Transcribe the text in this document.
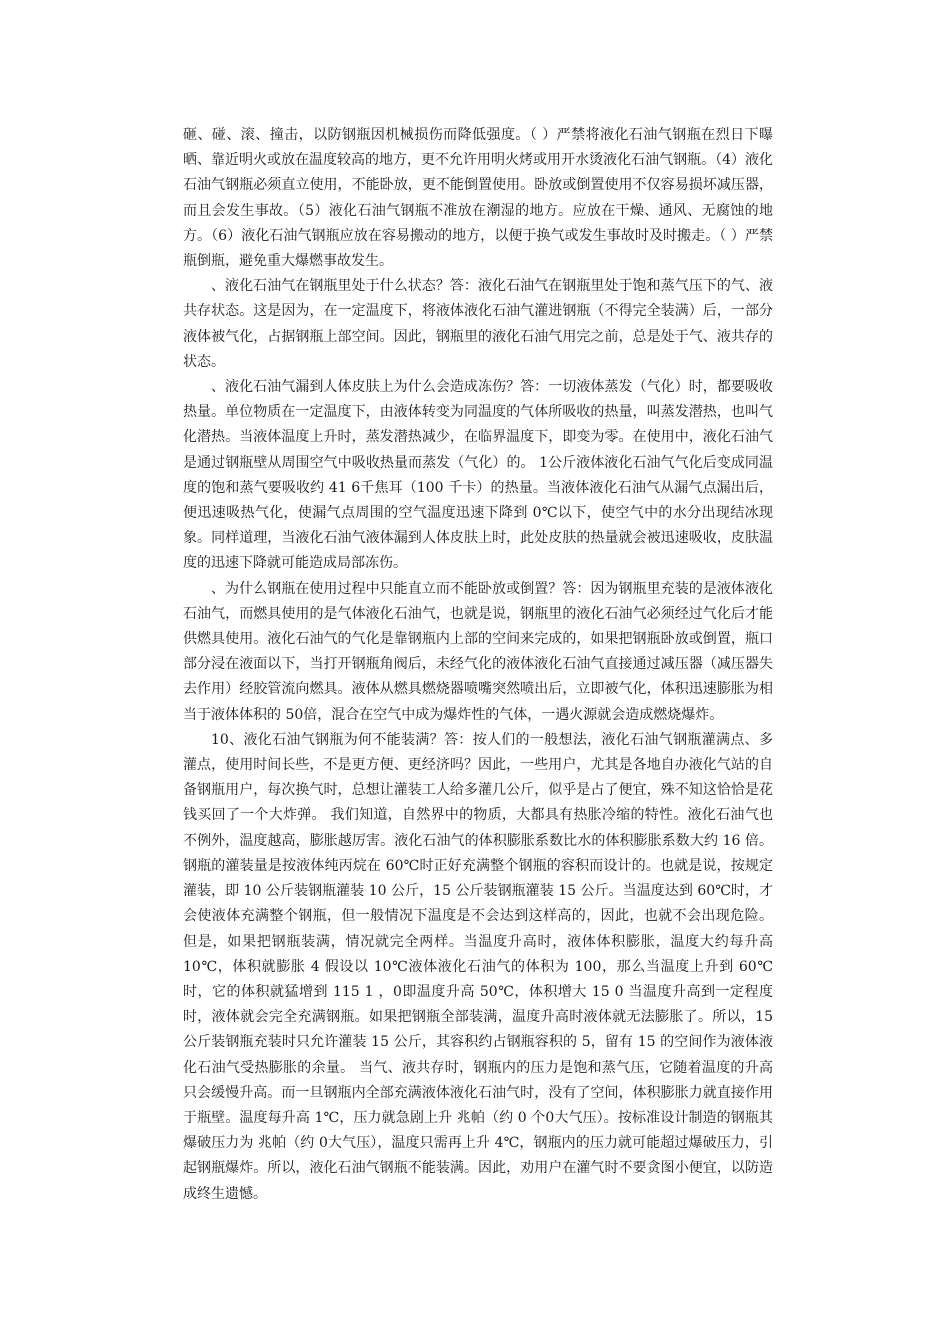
砸、碰、滚、撞击，以防钢瓶因机械损伤而降低强度。（ ）严禁将液化石油气钢瓶在烈日下曝晒、靠近明火或放在温度较高的地方，更不允许用明火烤或用开水烫液化石油气钢瓶。（4）液化石油气钢瓶必须直立使用，不能卧放，更不能倒置使用。卧放或倒置使用不仅容易损坏减压器，而且会发生事故。（5）液化石油气钢瓶不准放在潮湿的地方。应放在干燥、通风、无腐蚀的地方。（6）液化石油气钢瓶应放在容易搬动的地方，以便于换气或发生事故时及时搬走。（ ）严禁瓶倒瓶，避免重大爆燃事故发生。

、液化石油气在钢瓶里处于什么状态？答：液化石油气在钢瓶里处于饱和蒸气压下的气、液共存状态。这是因为，在一定温度下，将液体液化石油气灌进钢瓶（不得完全装满）后，一部分液体被气化，占据钢瓶上部空间。因此，钢瓶里的液化石油气用完之前，总是处于气、液共存的状态。

、液化石油气漏到人体皮肤上为什么会造成冻伤？答：一切液体蒸发（气化）时，都要吸收热量。单位物质在一定温度下，由液体转变为同温度的气体所吸收的热量，叫蒸发潜热，也叫气化潜热。当液体温度上升时，蒸发潜热减少，在临界温度下，即变为零。在使用中，液化石油气是通过钢瓶壁从周围空气中吸收热量而蒸发（气化）的。 1公斤液体液化石油气气化后变成同温度的饱和蒸气要吸收约 41 6千焦耳（100 千卡）的热量。当液体液化石油气从漏气点漏出后，便迅速吸热气化，使漏气点周围的空气温度迅速下降到 0℃以下，使空气中的水分出现结冰现象。同样道理，当液化石油气液体漏到人体皮肤上时，此处皮肤的热量就会被迅速吸收，皮肤温度的迅速下降就可能造成局部冻伤。

、为什么钢瓶在使用过程中只能直立而不能卧放或倒置？答：因为钢瓶里充装的是液体液化石油气，而燃具使用的是气体液化石油气，也就是说，钢瓶里的液化石油气必须经过气化后才能供燃具使用。液化石油气的气化是靠钢瓶内上部的空间来完成的，如果把钢瓶卧放或倒置，瓶口部分浸在液面以下，当打开钢瓶角阀后，未经气化的液体液化石油气直接通过减压器（减压器失去作用）经胶管流向燃具。液体从燃具燃烧器喷嘴突然喷出后，立即被气化，体积迅速膨胀为相当于液体体积的 50倍，混合在空气中成为爆炸性的气体，一遇火源就会造成燃烧爆炸。

10、液化石油气钢瓶为何不能装满？答：按人们的一般想法，液化石油气钢瓶灌满点、多灌点，使用时间长些，不是更方便、更经济吗？因此，一些用户，尤其是各地自办液化气站的自备钢瓶用户，每次换气时，总想让灌装工人给多灌几公斤，似乎是占了便宜，殊不知这恰恰是花钱买回了一个大炸弹。 我们知道，自然界中的物质，大都具有热胀冷缩的特性。液化石油气也不例外，温度越高，膨胀越厉害。液化石油气的体积膨胀系数比水的体积膨胀系数大约 16 倍。钢瓶的灌装量是按液体纯丙烷在 60℃时正好充满整个钢瓶的容积而设计的。也就是说，按规定灌装，即 10 公斤装钢瓶灌装 10 公斤，15 公斤装钢瓶灌装 15 公斤。当温度达到 60℃时，才会使液体充满整个钢瓶，但一般情况下温度是不会达到这样高的，因此，也就不会出现危险。 但是，如果把钢瓶装满，情况就完全两样。当温度升高时，液体体积膨胀，温度大约每升高 10℃，体积就膨胀 4 假设以 10℃液体液化石油气的体积为 100，那么当温度上升到 60℃时，它的体积就猛增到 115 1 ，0即温度升高 50℃，体积增大 15 0 当温度升高到一定程度时，液体就会完全充满钢瓶。如果把钢瓶全部装满，温度升高时液体就无法膨胀了。所以，15 公斤装钢瓶充装时只允许灌装 15 公斤，其容积约占钢瓶容积的 5，留有 15 的空间作为液体液化石油气受热膨胀的余量。 当气、液共存时，钢瓶内的压力是饱和蒸气压，它随着温度的升高只会缓慢升高。而一旦钢瓶内全部充满液体液化石油气时，没有了空间，体积膨胀力就直接作用于瓶壁。温度每升高 1℃，压力就急剧上升 兆帕（约 0 个0大气压）。按标准设计制造的钢瓶其爆破压力为 兆帕（约 0大气压），温度只需再上升 4℃，钢瓶内的压力就可能超过爆破压力，引起钢瓶爆炸。所以，液化石油气钢瓶不能装满。因此，劝用户在灌气时不要贪图小便宜，以防造成终生遗憾。
